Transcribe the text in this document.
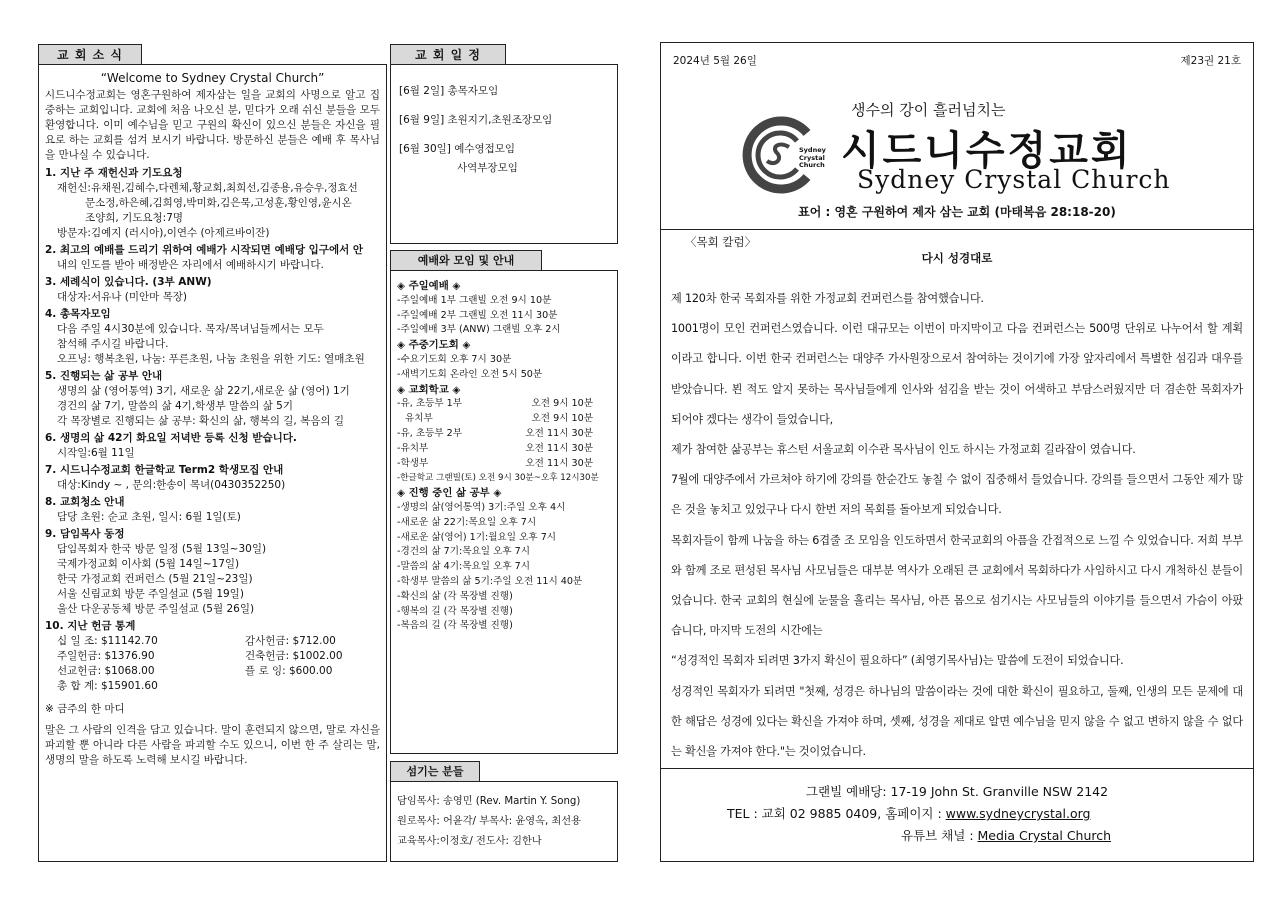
교 회 소 식
“Welcome to Sydney Crystal Church”
시드니수정교회는 영혼구원하여 제자삼는 일을 교회의 사명으로 알고 집중하는 교회입니다. 교회에 처음 나오신 분, 믿다가 오래 쉬신 분들을 모두 환영합니다. 이미 예수님을 믿고 구원의 확신이 있으신 분들은 자신을 필요로 하는 교회를 섬겨 보시기 바랍니다. 방문하신 분들은 예배 후 목사님을 만나실 수 있습니다.
1. 지난 주 재헌신과 기도요청
재헌신:유채원,김혜수,다렌체,황교회,최희선,김종용,유승우,정효선
문소정,하은혜,김희영,박미화,김은묵,고성훈,황인영,윤시온
조양희, 기도요청:7명
방문자:김예지 (러시아),이연수 (아제르바이잔)
2. 최고의 예배를 드리기 위하여 예배가 시작되면 예배당 입구에서 안
내의 인도를 받아 배정받은 자리에서 예배하시기 바랍니다.
3. 세례식이 있습니다. (3부 ANW)
대상자:서유나 (미안마 목장)
4. 총목자모임
다음 주일 4시30분에 있습니다. 목자/목녀님들께서는 모두
참석해 주시길 바랍니다.
오프닝: 행복초원, 나눔: 푸른초원, 나눔 초원을 위한 기도: 열매초원
5. 진행되는 삶 공부 안내
생명의 삶 (영어통역) 3기, 새로운 삶 22기,새로운 삶 (영어) 1기
경건의 삶 7기, 말씀의 삶 4기,학생부 말씀의 삶 5기
각 목장별로 진행되는 삶 공부: 확신의 삶, 행복의 길, 복음의 길
6. 생명의 삶 42기 화요일 저녁반 등록 신청 받습니다.
시작일:6월 11일
7. 시드니수정교회 한글학교 Term2 학생모집 안내
대상:Kindy ~ , 문의:한송이 목녀(0430352250)
8. 교회청소 안내
담당 초원: 순교 초원, 일시: 6월 1일(토)
9. 담임목사 동정
담임목회자 한국 방문 일정 (5월 13일~30일)
국제가정교회 이사회 (5월 14일~17일)
한국 가정교회 컨퍼런스 (5월 21일~23일)
서울 신림교회 방문 주일설교 (5월 19일)
울산 다운공동체 방문 주일설교 (5월 26일)
10. 지난 헌금 통계
십 일 조: $11142.70	감사헌금: $712.00
주일헌금: $1376.90	건축헌금: $1002.00
선교헌금: $1068.00	플 로 잉: $600.00
총 합 계: $15901.60
※ 금주의 한 마디
말은 그 사람의 인격을 담고 있습니다. 말이 훈련되지 않으면, 말로 자신을 파괴할 뿐 아니라 다른 사람을 파괴할 수도 있으니, 이번 한 주 살리는 말, 생명의 말을 하도록 노력해 보시길 바랍니다.
교 회 일 정
[6월 2일] 총목자모임
[6월 9일] 초원지기,초원조장모임
[6월 30일] 예수영접모임
사역부장모임
예배와 모임 및 안내
◈ 주일예배 ◈
-주일예배 1부 그랜빌 오전 9시 10분
-주일예배 2부 그랜빌 오전 11시 30분
-주일예배 3부 (ANW) 그랜빌 오후 2시
◈ 주중기도회 ◈
-수요기도회 오후 7시 30분
-새벽기도회 온라인 오전 5시 50분
◈ 교회학교 ◈
-유, 초등부 1부	오전 9시 10분
유치부	오전 9시 10분
-유, 초등부 2부	오전 11시 30분
-유치부	오전 11시 30분
-학생부	오전 11시 30분
-한글학교 그랜빌(토) 오전 9시 30분~오후 12시30분
◈ 진행 중인 삶 공부 ◈
-생명의 삶(영어통역) 3기:주일 오후 4시
-새로운 삶 22기:목요일 오후 7시
-새로운 삶(영어) 1기:월요일 오후 7시
-경건의 삶 7기:목요일 오후 7시
-말씀의 삶 4기:목요일 오후 7시
-학생부 말씀의 삶 5기:주일 오전 11시 40분
-확신의 삶 (각 목장별 진행)
-행복의 길 (각 목장별 진행)
-복음의 길 (각 목장별 진행)
섬기는 분들
담임목사: 송영민 (Rev. Martin Y. Song)
원로목사: 어윤각/ 부목사: 윤영옥, 최선용
교육목사:이정호/ 전도사: 김한나
2024년 5월 26일	제23권 21호
생수의 강이 흘러넘치는
Sydney Crystal Church 시드니수정교회
Sydney Crystal Church
표어 : 영혼 구원하여 제자 삼는 교회 (마태복음 28:18-20)
〈목회 칼럼〉
다시 성경대로

제 120차 한국 목회자를 위한 가정교회 컨퍼런스를 참여했습니다.

1001명이 모인 컨퍼런스였습니다. 이런 대규모는 이번이 마지막이고 다음 컨퍼런스는 500명 단위로 나누어서 할 계획이라고 합니다. 이번 한국 컨퍼런스는 대양주 가사원장으로서 참여하는 것이기에 가장 앞자리에서 특별한 섬김과 대우를 받았습니다. 뵌 적도 알지 못하는 목사님들에게 인사와 섬김을 받는 것이 어색하고 부담스러웠지만 더 겸손한 목회자가 되어야 겠다는 생각이 들었습니다,

제가 참여한 삶공부는 휴스턴 서울교회 이수관 목사님이 인도 하시는 가정교회 길라잡이 였습니다.

7월에 대양주에서 가르쳐야 하기에 강의를 한순간도 놓칠 수 없이 집중해서 들었습니다. 강의를 들으면서 그동안 제가 많은 것을 놓치고 있었구나 다시 한번 저의 목회를 돌아보게 되었습니다.

목회자들이 함께 나눔을 하는 6겹줄 조 모임을 인도하면서 한국교회의 아픔을 간접적으로 느낄 수 있었습니다. 저희 부부와 함께 조로 편성된 목사님 사모님들은 대부분 역사가 오래된 큰 교회에서 목회하다가 사임하시고 다시 개척하신 분들이었습니다. 한국 교회의 현실에 눈물을 흘리는 목사님, 아픈 몸으로 섬기시는 사모님들의 이야기를 들으면서 가슴이 아팠습니다, 마지막 도전의 시간에는

“성경적인 목회자 되려면 3가지 확신이 필요하다” (최영기목사님)는 말씀에 도전이 되었습니다.

성경적인 목회자가 되려면 "첫째, 성경은 하나님의 말씀이라는 것에 대한 확신이 필요하고, 둘째, 인생의 모든 문제에 대한 해답은 성경에 있다는 확신을 가져야 하며, 셋째, 성경을 제대로 알면 예수님을 믿지 않을 수 없고 변하지 않을 수 없다는 확신을 가져야 한다."는 것이었습니다.

그랜빌 예배당: 17-19 John St. Granville NSW 2142
TEL : 교회 02 9885 0409, 홈페이지 : www.sydneycrystal.org
유튜브 채널 : Media Crystal Church
